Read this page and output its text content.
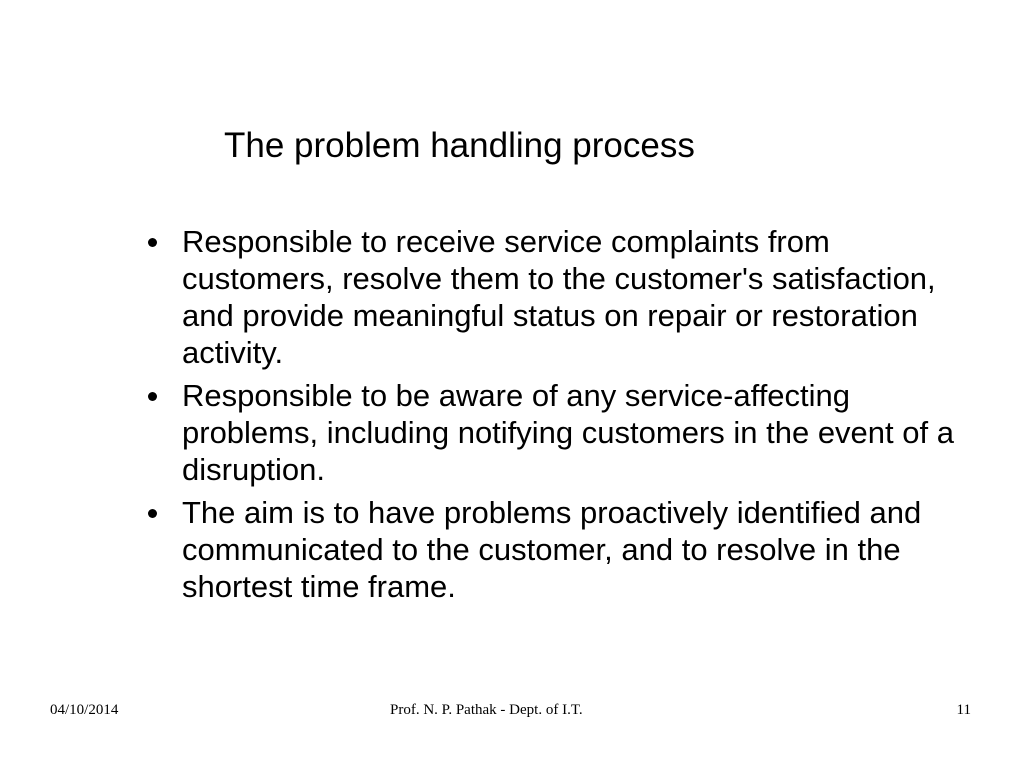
The problem handling process
Responsible to receive service complaints from customers, resolve them to the customer's satisfaction, and provide meaningful status on repair or restoration activity.
Responsible to be aware of any service-affecting problems, including notifying customers in the event of a disruption.
The aim is to have problems proactively identified and communicated to the customer, and to resolve in the shortest time frame.
04/10/2014	Prof. N. P. Pathak - Dept. of I.T.	11
